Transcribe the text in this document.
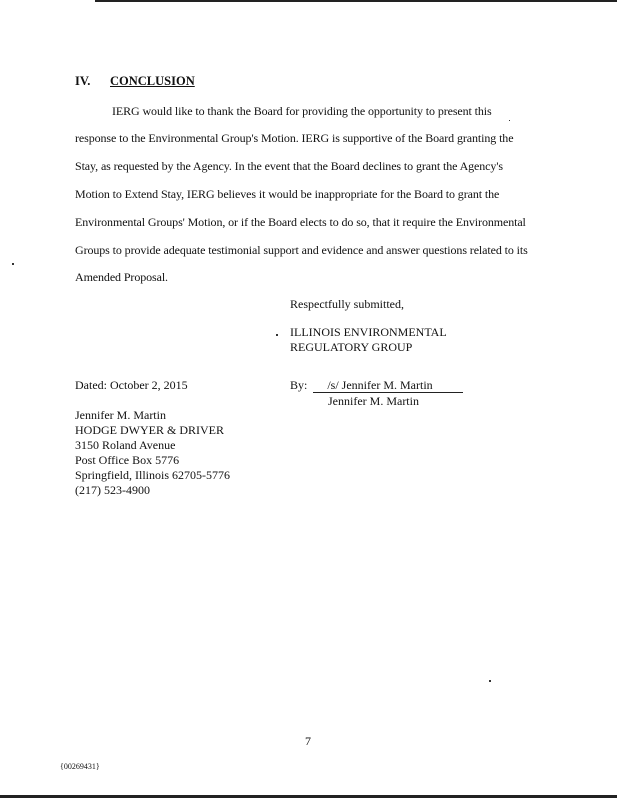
IV. CONCLUSION
IERG would like to thank the Board for providing the opportunity to present this
response to the Environmental Group's Motion. IERG is supportive of the Board granting the
Stay, as requested by the Agency. In the event that the Board declines to grant the Agency's
Motion to Extend Stay, IERG believes it would be inappropriate for the Board to grant the
Environmental Groups' Motion, or if the Board elects to do so, that it require the Environmental
Groups to provide adequate testimonial support and evidence and answer questions related to its
Amended Proposal.
Respectfully submitted,
ILLINOIS ENVIRONMENTAL
REGULATORY GROUP
Dated: October 2, 2015	By: /s/ Jennifer M. Martin
Jennifer M. Martin
Jennifer M. Martin
HODGE DWYER & DRIVER
3150 Roland Avenue
Post Office Box 5776
Springfield, Illinois 62705-5776
(217) 523-4900
7
{00269431}
